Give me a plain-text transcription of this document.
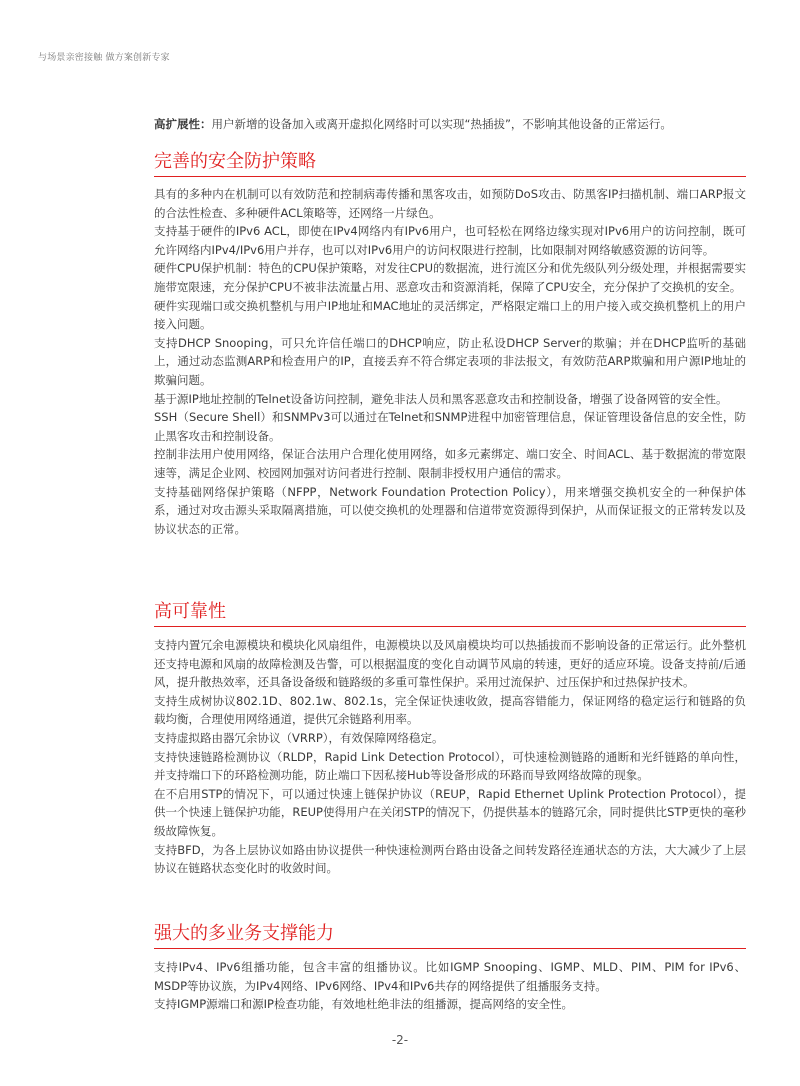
与场景亲密接触 做方案创新专家
高扩展性：用户新增的设备加入或离开虚拟化网络时可以实现“热插拔”，不影响其他设备的正常运行。
完善的安全防护策略

具有的多种内在机制可以有效防范和控制病毒传播和黑客攻击，如预防DoS攻击、防黑客IP扫描机制、端口ARP报文的合法性检查、多种硬件ACL策略等，还网络一片绿色。

支持基于硬件的IPv6 ACL，即使在IPv4网络内有IPv6用户，也可轻松在网络边缘实现对IPv6用户的访问控制，既可允许网络内IPv4/IPv6用户并存，也可以对IPv6用户的访问权限进行控制，比如限制对网络敏感资源的访问等。

硬件CPU保护机制：特色的CPU保护策略，对发往CPU的数据流，进行流区分和优先级队列分级处理，并根据需要实施带宽限速，充分保护CPU不被非法流量占用、恶意攻击和资源消耗，保障了CPU安全，充分保护了交换机的安全。

硬件实现端口或交换机整机与用户IP地址和MAC地址的灵活绑定，严格限定端口上的用户接入或交换机整机上的用户接入问题。

支持DHCP Snooping，可只允许信任端口的DHCP响应，防止私设DHCP Server的欺骗；并在DHCP监听的基础上，通过动态监测ARP和检查用户的IP，直接丢弃不符合绑定表项的非法报文，有效防范ARP欺骗和用户源IP地址的欺骗问题。

基于源IP地址控制的Telnet设备访问控制，避免非法人员和黑客恶意攻击和控制设备，增强了设备网管的安全性。

SSH（Secure Shell）和SNMPv3可以通过在Telnet和SNMP进程中加密管理信息，保证管理设备信息的安全性，防止黑客攻击和控制设备。

控制非法用户使用网络，保证合法用户合理化使用网络，如多元素绑定、端口安全、时间ACL、基于数据流的带宽限速等，满足企业网、校园网加强对访问者进行控制、限制非授权用户通信的需求。

支持基础网络保护策略（NFPP，Network Foundation Protection Policy），用来增强交换机安全的一种保护体系，通过对攻击源头采取隔离措施，可以使交换机的处理器和信道带宽资源得到保护，从而保证报文的正常转发以及协议状态的正常。

高可靠性

支持内置冗余电源模块和模块化风扇组件，电源模块以及风扇模块均可以热插拔而不影响设备的正常运行。此外整机还支持电源和风扇的故障检测及告警，可以根据温度的变化自动调节风扇的转速，更好的适应环境。设备支持前/后通风，提升散热效率，还具备设备级和链路级的多重可靠性保护。采用过流保护、过压保护和过热保护技术。

支持生成树协议802.1D、802.1w、802.1s，完全保证快速收敛，提高容错能力，保证网络的稳定运行和链路的负载均衡，合理使用网络通道，提供冗余链路利用率。

支持虚拟路由器冗余协议（VRRP），有效保障网络稳定。

支持快速链路检测协议（RLDP，Rapid Link Detection Protocol），可快速检测链路的通断和光纤链路的单向性，并支持端口下的环路检测功能，防止端口下因私接Hub等设备形成的环路而导致网络故障的现象。

在不启用STP的情况下，可以通过快速上链保护协议（REUP，Rapid Ethernet Uplink Protection Protocol），提供一个快速上链保护功能，REUP使得用户在关闭STP的情况下，仍提供基本的链路冗余，同时提供比STP更快的毫秒级故障恢复。

支持BFD，为各上层协议如路由协议提供一种快速检测两台路由设备之间转发路径连通状态的方法，大大减少了上层协议在链路状态变化时的收敛时间。

强大的多业务支撑能力

支持IPv4、IPv6组播功能，包含丰富的组播协议。比如IGMP Snooping、IGMP、MLD、PIM、PIM for IPv6、MSDP等协议族，为IPv4网络、IPv6网络、IPv4和IPv6共存的网络提供了组播服务支持。

支持IGMP源端口和源IP检查功能，有效地杜绝非法的组播源，提高网络的安全性。

-2-
